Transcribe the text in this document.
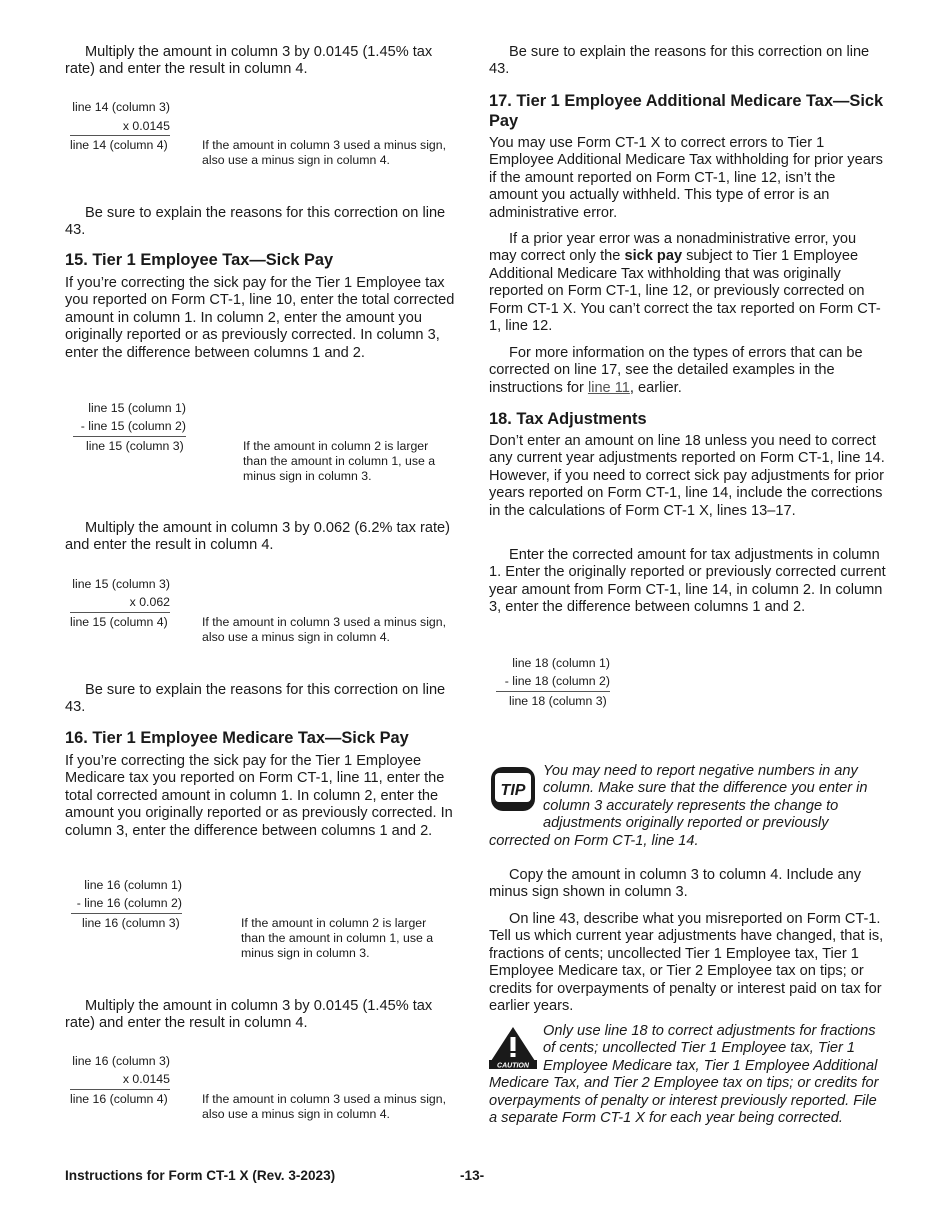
Multiply the amount in column 3 by 0.0145 (1.45% tax rate) and enter the result in column 4.

line 14 (column 3)
x 0.0145
line 14 (column 4)	If the amount in column 3 used a minus sign, also use a minus sign in column 4.

Be sure to explain the reasons for this correction on line 43.

15. Tier 1 Employee Tax—Sick Pay

If you’re correcting the sick pay for the Tier 1 Employee tax you reported on Form CT-1, line 10, enter the total corrected amount in column 1. In column 2, enter the amount you originally reported or as previously corrected. In column 3, enter the difference between columns 1 and 2.

line 15 (column 1)
- line 15 (column 2)
line 15 (column 3)	If the amount in column 2 is larger than the amount in column 1, use a minus sign in column 3.

Multiply the amount in column 3 by 0.062 (6.2% tax rate) and enter the result in column 4.

line 15 (column 3)
x 0.062
line 15 (column 4)	If the amount in column 3 used a minus sign, also use a minus sign in column 4.

Be sure to explain the reasons for this correction on line 43.

16. Tier 1 Employee Medicare Tax—Sick Pay

If you’re correcting the sick pay for the Tier 1 Employee Medicare tax you reported on Form CT-1, line 11, enter the total corrected amount in column 1. In column 2, enter the amount you originally reported or as previously corrected. In column 3, enter the difference between columns 1 and 2.

line 16 (column 1)
- line 16 (column 2)
line 16 (column 3)	If the amount in column 2 is larger than the amount in column 1, use a minus sign in column 3.

Multiply the amount in column 3 by 0.0145 (1.45% tax rate) and enter the result in column 4.

line 16 (column 3)
x 0.0145
line 16 (column 4)	If the amount in column 3 used a minus sign, also use a minus sign in column 4.

Be sure to explain the reasons for this correction on line 43.

17. Tier 1 Employee Additional Medicare Tax—Sick Pay

You may use Form CT-1 X to correct errors to Tier 1 Employee Additional Medicare Tax withholding for prior years if the amount reported on Form CT-1, line 12, isn’t the amount you actually withheld. This type of error is an administrative error.

If a prior year error was a nonadministrative error, you may correct only the sick pay subject to Tier 1 Employee Additional Medicare Tax withholding that was originally reported on Form CT-1, line 12, or previously corrected on Form CT-1 X. You can’t correct the tax reported on Form CT-1, line 12.

For more information on the types of errors that can be corrected on line 17, see the detailed examples in the instructions for line 11, earlier.

18. Tax Adjustments

Don’t enter an amount on line 18 unless you need to correct any current year adjustments reported on Form CT-1, line 14. However, if you need to correct sick pay adjustments for prior years reported on Form CT-1, line 14, include the corrections in the calculations of Form CT-1 X, lines 13–17.

Enter the corrected amount for tax adjustments in column 1. Enter the originally reported or previously corrected current year amount from Form CT-1, line 14, in column 2. In column 3, enter the difference between columns 1 and 2.

line 18 (column 1)
- line 18 (column 2)
line 18 (column 3)
TIP
You may need to report negative numbers in any column. Make sure that the difference you enter in column 3 accurately represents the change to adjustments originally reported or previously corrected on Form CT-1, line 14.

Copy the amount in column 3 to column 4. Include any minus sign shown in column 3.

On line 43, describe what you misreported on Form CT-1. Tell us which current year adjustments have changed, that is, fractions of cents; uncollected Tier 1 Employee tax, Tier 1 Employee Medicare tax, or Tier 2 Employee tax on tips; or credits for overpayments of penalty or interest paid on tax for earlier years.

CAUTION
Only use line 18 to correct adjustments for fractions of cents; uncollected Tier 1 Employee tax, Tier 1 Employee Medicare tax, Tier 1 Employee Additional Medicare Tax, and Tier 2 Employee tax on tips; or credits for overpayments of penalty or interest previously reported. File a separate Form CT-1 X for each year being corrected.
Instructions for Form CT-1 X (Rev. 3-2023)	-13-
